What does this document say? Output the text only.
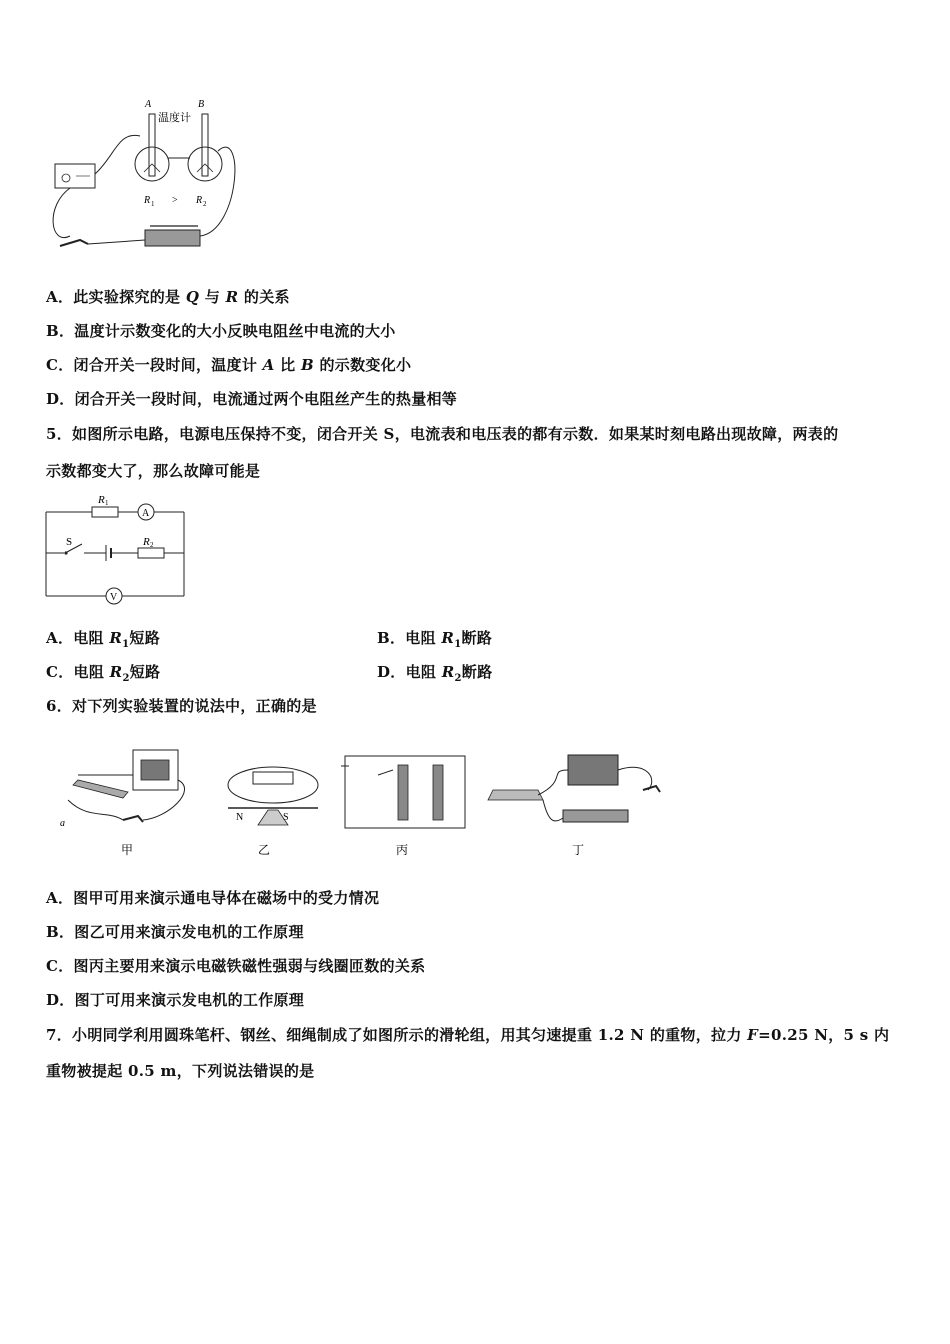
A	B
温度计
R 1 > R 2
A．此实验探究的是 Q 与 R 的关系
B．温度计示数变化的大小反映电阻丝中电流的大小
C．闭合开关一段时间，温度计 A 比 B 的示数变化小
D．闭合开关一段时间，电流通过两个电阻丝产生的热量相等
5．如图所示电路，电源电压保持不变，闭合开关 S，电流表和电压表的都有示数．如果某时刻电路出现故障，两表的
示数都变大了，那么故障可能是
R 1
A
S	R 2
V
A．电阻 $R_1$短路	B．电阻 $R_1$断路
C．电阻 $R_2$短路	D．电阻 $R_2$断路
6．对下列实验装置的说法中，正确的是
a
N	S
甲	乙	丙	丁
A．图甲可用来演示通电导体在磁场中的受力情况
B．图乙可用来演示发电机的工作原理
C．图丙主要用来演示电磁铁磁性强弱与线圈匝数的关系
D．图丁可用来演示发电机的工作原理
7．小明同学利用圆珠笔杆、钢丝、细绳制成了如图所示的滑轮组，用其匀速提重 1.2 N 的重物，拉力 F=0.25 N，5 s 内
重物被提起 0.5 m，下列说法错误的是
